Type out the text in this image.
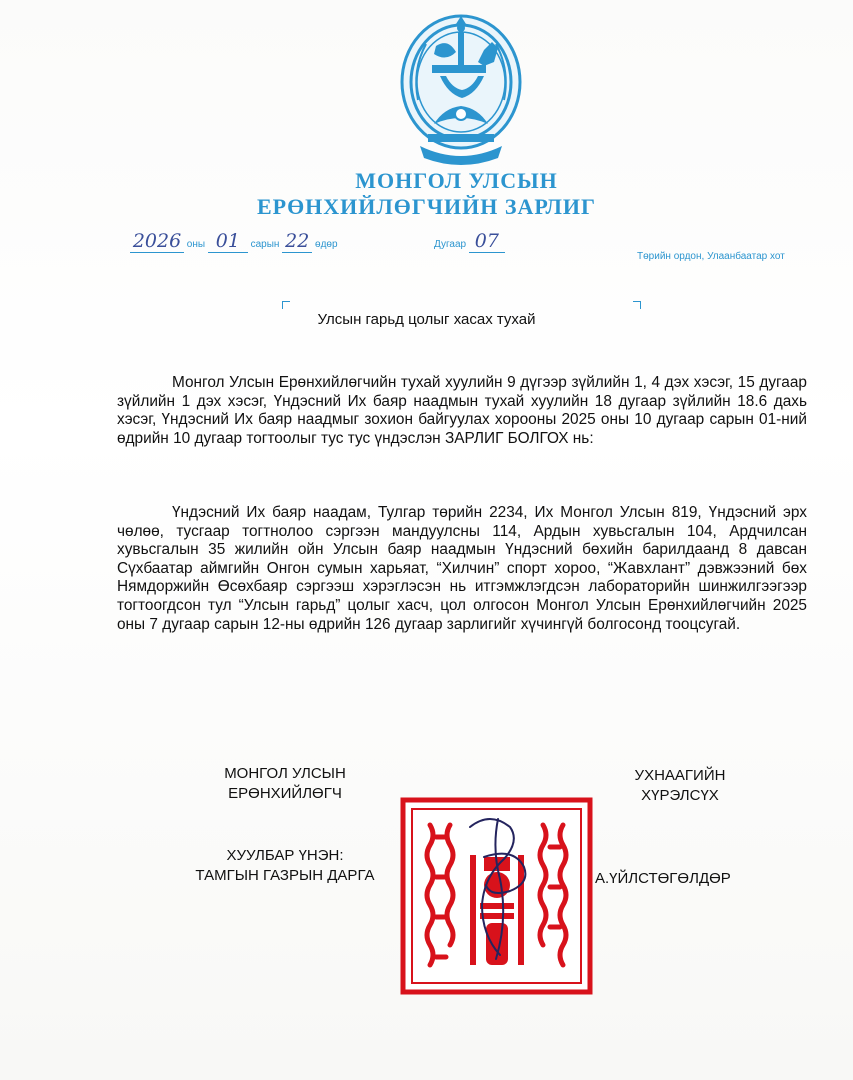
МОНГОЛ УЛСЫН
ЕРӨНХИЙЛӨГЧИЙН ЗАРЛИГ
2026 оны 01 сарын 22 өдөр	Дугаар 07
Төрийн ордон, Улаанбаатар хот
Улсын гарьд цолыг хасах тухай
Монгол Улсын Ерөнхийлөгчийн тухай хуулийн 9 дүгээр зүйлийн 1, 4 дэх хэсэг, 15 дугаар зүйлийн 1 дэх хэсэг, Үндэсний Их баяр наадмын тухай хуулийн 18 дугаар зүйлийн 18.6 дахь хэсэг, Үндэсний Их баяр наадмыг зохион байгуулах хорооны 2025 оны 10 дугаар сарын 01-ний өдрийн 10 дугаар тогтоолыг тус тус үндэслэн ЗАРЛИГ БОЛГОХ нь:
Үндэсний Их баяр наадам, Тулгар төрийн 2234, Их Монгол Улсын 819, Үндэсний эрх чөлөө, тусгаар тогтнолоо сэргээн мандуулсны 114, Ардын хувьсгалын 104, Ардчилсан хувьсгалын 35 жилийн ойн Улсын баяр наадмын Үндэсний бөхийн барилдаанд 8 давсан Сүхбаатар аймгийн Онгон сумын харьяат, “Хилчин” спорт хороо, “Жавхлант” дэвжээний бөх Нямдоржийн Өсөхбаяр сэргээш хэрэглэсэн нь итгэмжлэгдсэн лабораторийн шинжилгээгээр тогтоогдсон тул “Улсын гарьд” цолыг хасч, цол олгосон Монгол Улсын Ерөнхийлөгчийн 2025 оны 7 дугаар сарын 12-ны өдрийн 126 дугаар зарлигийг хүчингүй болгосонд тооцсугай.
МОНГОЛ УЛСЫН
ЕРӨНХИЙЛӨГЧ
УХНААГИЙН
ХҮРЭЛСҮХ
ХУУЛБАР ҮНЭН:
ТАМГЫН ГАЗРЫН ДАРГА	А.ҮЙЛСТӨГӨЛДӨР
